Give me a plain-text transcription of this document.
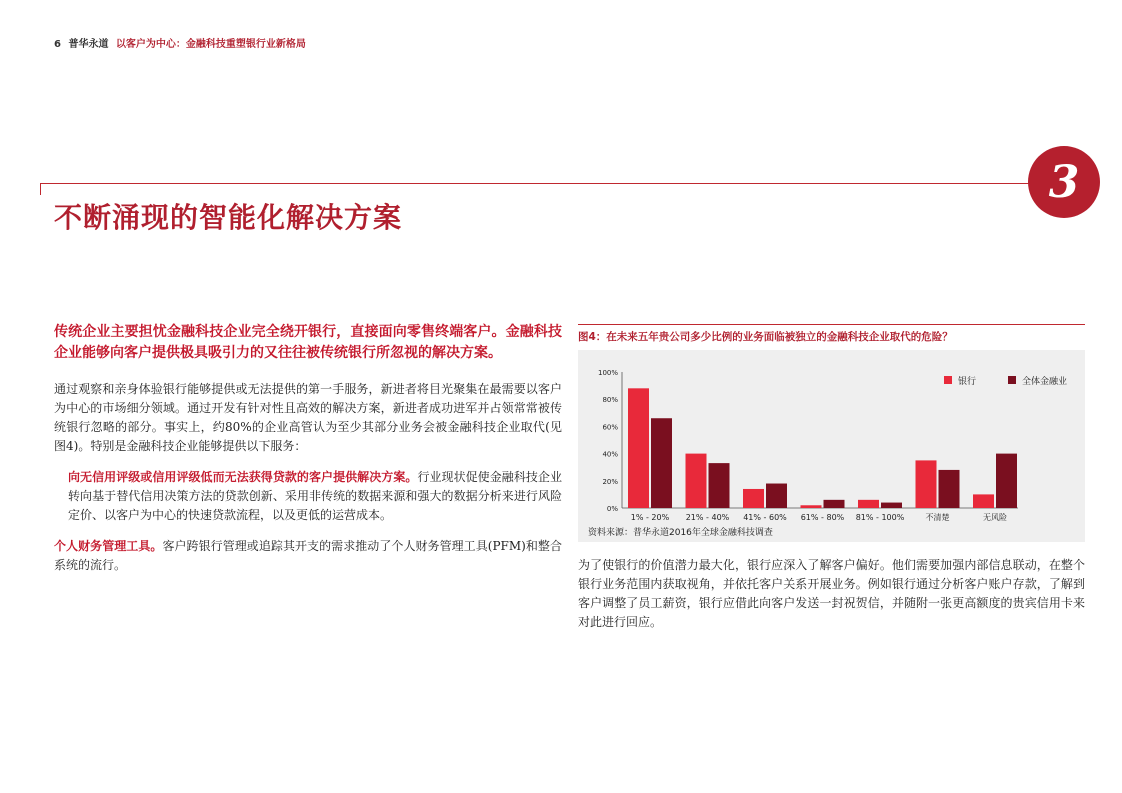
6 普华永道 以客户为中心：金融科技重塑银行业新格局
3
不断涌现的智能化解决方案

传统企业主要担忧金融科技企业完全绕开银行，直接面向零售终端客户。金融科技企业能够向客户提供极具吸引力的又往往被传统银行所忽视的解决方案。

通过观察和亲身体验银行能够提供或无法提供的第一手服务，新进者将目光聚集在最需要以客户为中心的市场细分领域。通过开发有针对性且高效的解决方案，新进者成功进军并占领常常被传统银行忽略的部分。事实上，约80%的企业高管认为至少其部分业务会被金融科技企业取代(见图4)。特别是金融科技企业能够提供以下服务：

向无信用评级或信用评级低而无法获得贷款的客户提供解决方案。行业现状促使金融科技企业转向基于替代信用决策方法的贷款创新、采用非传统的数据来源和强大的数据分析来进行风险定价、以客户为中心的快速贷款流程，以及更低的运营成本。
个人财务管理工具。客户跨银行管理或追踪其开支的需求推动了个人财务管理工具(PFM)和整合系统的流行。
图4：在未来五年贵公司多少比例的业务面临被独立的金融科技企业取代的危险？
0%
20%
40%
60%
80%
100%
1% - 20% 21% - 40% 41% - 60% 61% - 80% 81% - 100%	不清楚	无风险
银行	全体金融业
资料来源：普华永道2016年全球金融科技调查
为了使银行的价值潜力最大化，银行应深入了解客户偏好。他们需要加强内部信息联动，在整个银行业务范围内获取视角，并依托客户关系开展业务。例如银行通过分析客户账户存款，了解到客户调整了员工薪资，银行应借此向客户发送一封祝贺信，并随附一张更高额度的贵宾信用卡来对此进行回应。
